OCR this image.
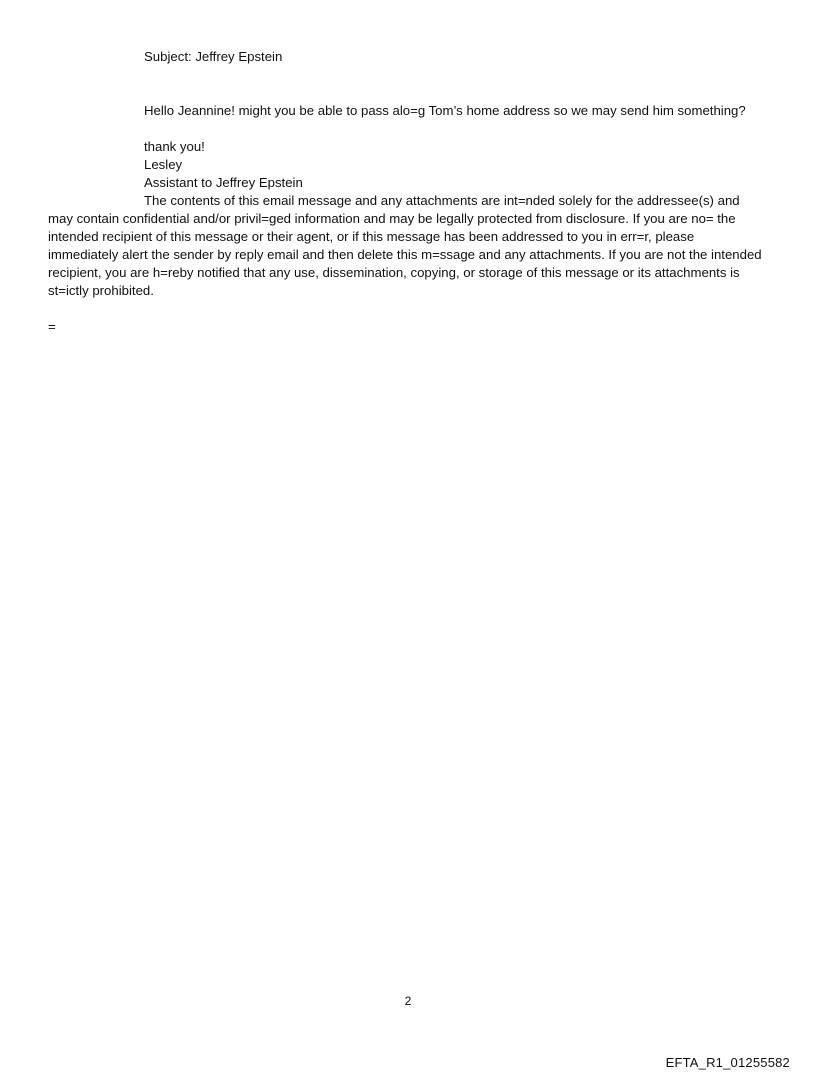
Subject: Jeffrey Epstein
Hello Jeannine! might you be able to pass alo=g Tom’s home address so we may send him something?
thank you!
Lesley
Assistant to Jeffrey Epstein
The contents of this email message and any attachments are int=nded solely for the addressee(s) and may contain confidential and/or privil=ged information and may be legally protected from disclosure. If you are no= the intended recipient of this message or their agent, or if this message has been addressed to you in err=r, please immediately alert the sender by reply email and then delete this m=ssage and any attachments. If you are not the intended recipient, you are h=reby notified that any use, dissemination, copying, or storage of this message or its attachments is st=ictly prohibited.
=
2
EFTA_R1_01255582
